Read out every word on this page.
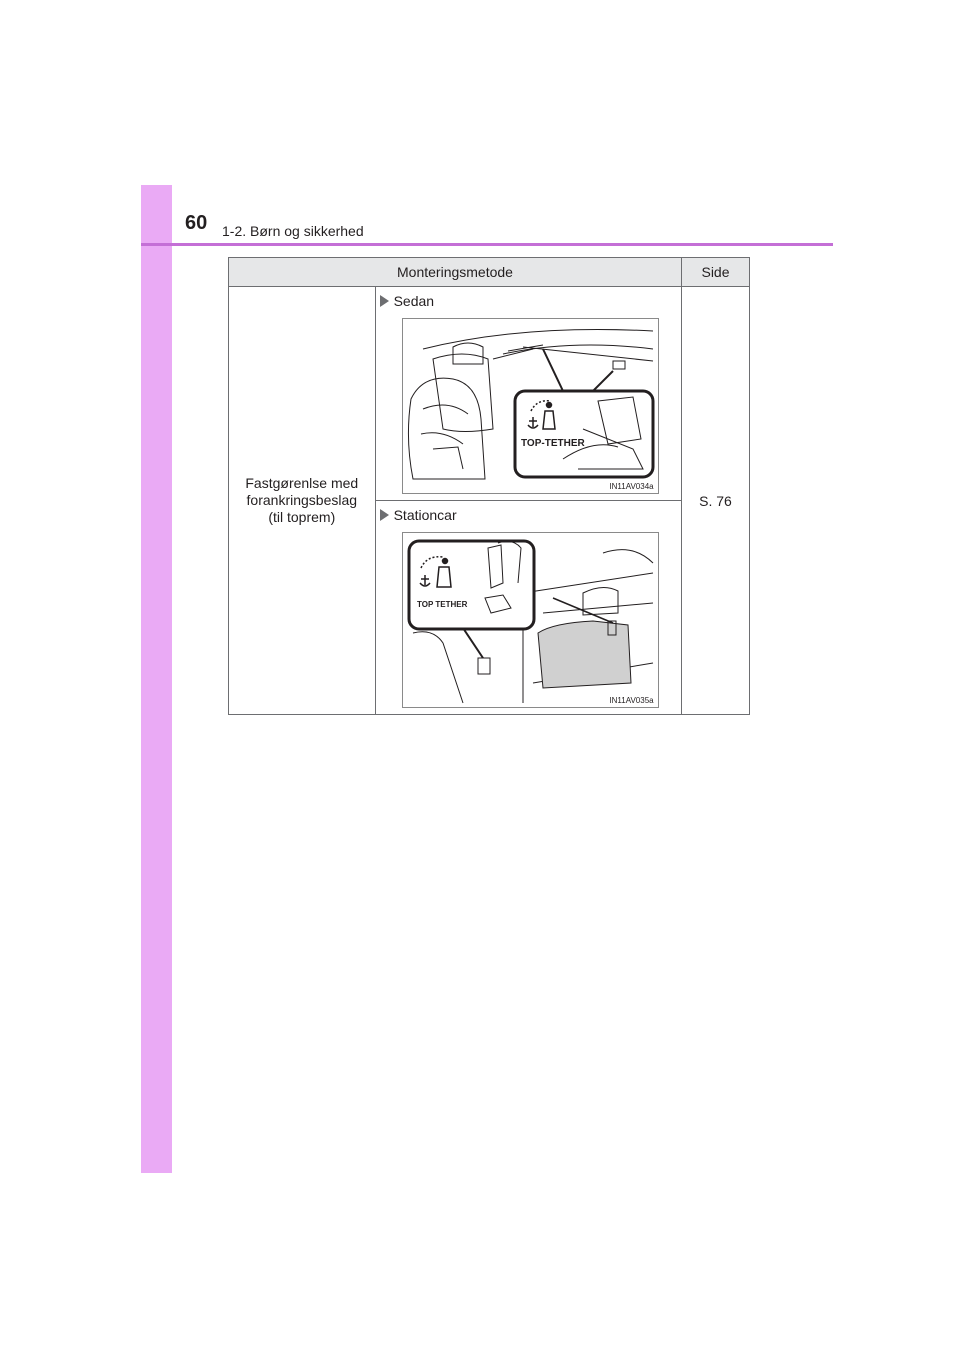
60 1-2. Børn og sikkerhed
Monteringsmetode		Side

Fastgørenlse med forankringsbeslag (til toprem)	Sedan
TOP-TETHER
IN11AV034a	S. 76

	Stationcar
TOP TETHER
IN11AV035a	
